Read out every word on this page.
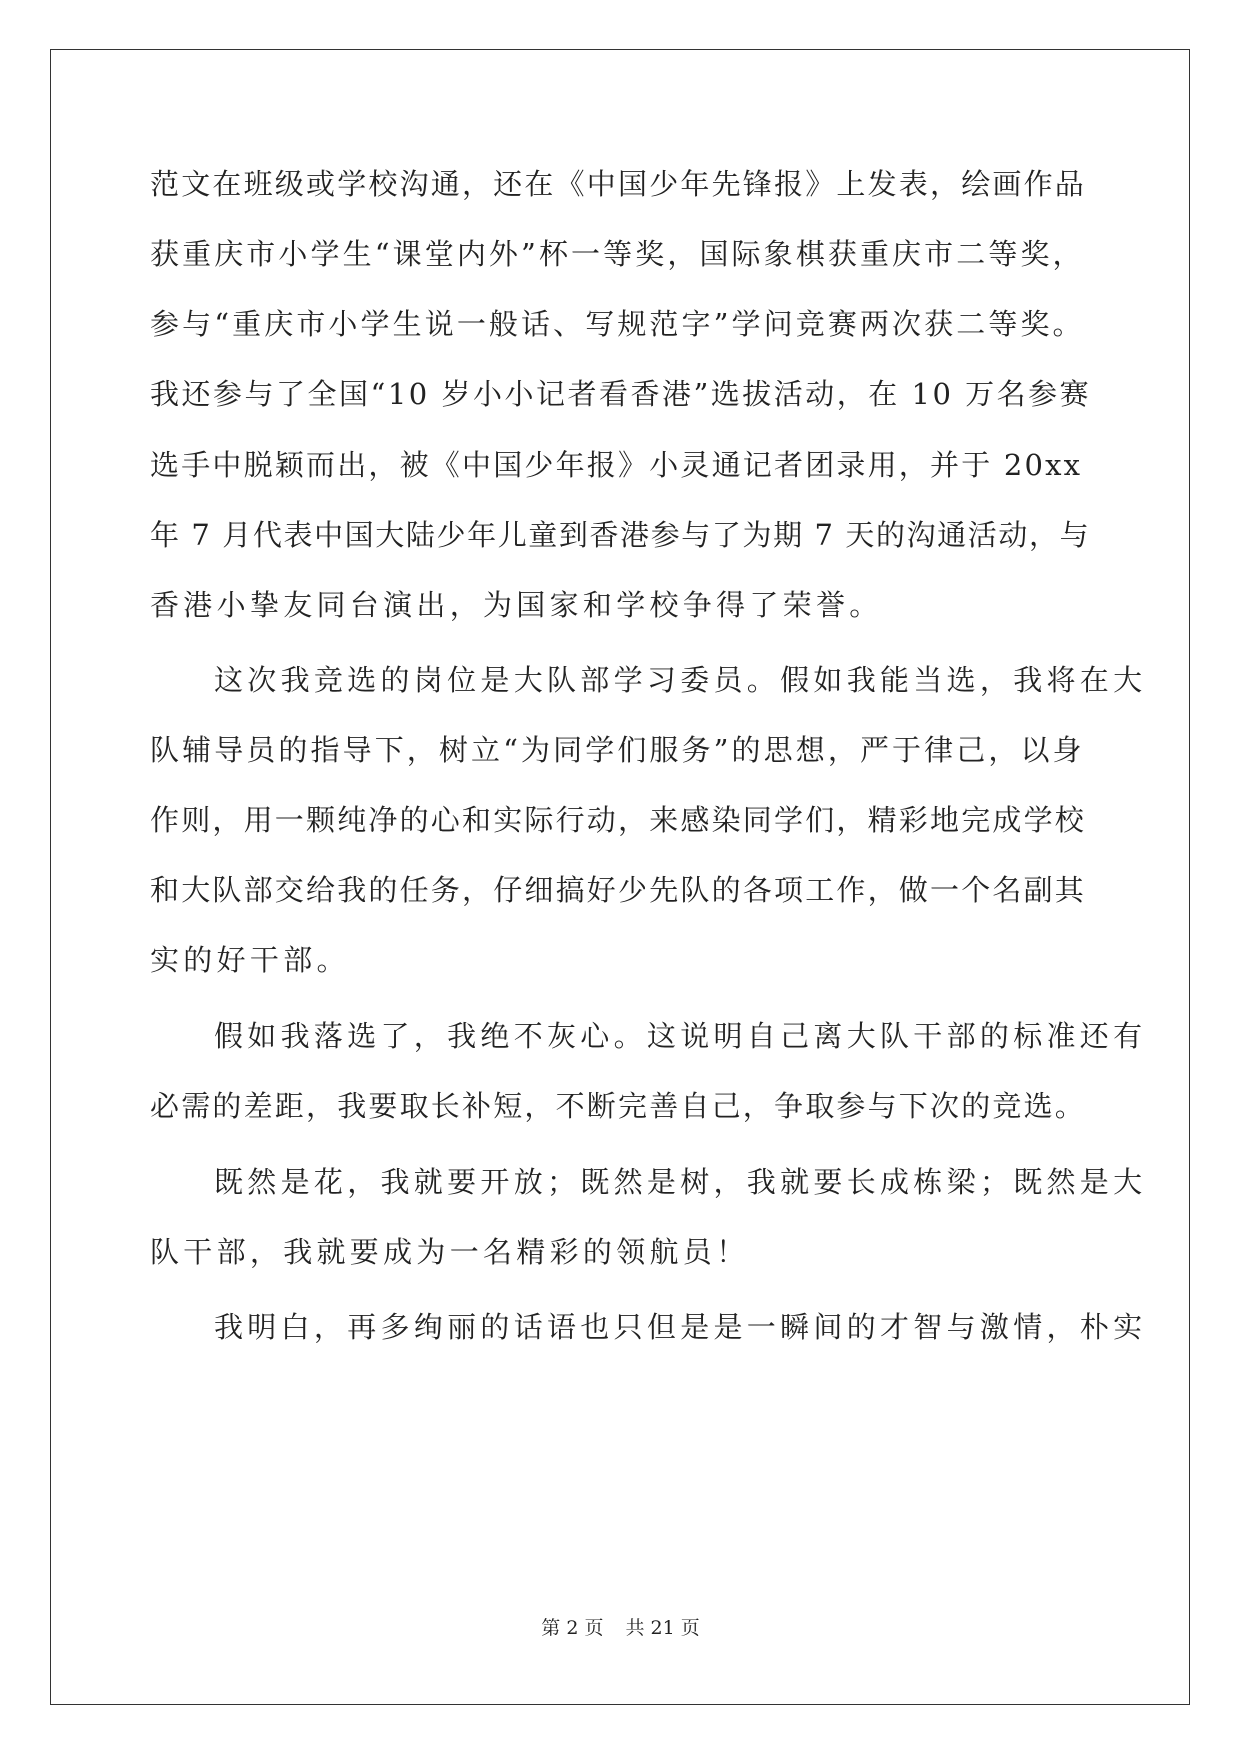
范文在班级或学校沟通，还在《中国少年先锋报》上发表，绘画作品
获重庆市小学生“课堂内外”杯一等奖，国际象棋获重庆市二等奖，
参与“重庆市小学生说一般话、写规范字”学问竞赛两次获二等奖。
我还参与了全国“10 岁小小记者看香港”选拔活动，在 10 万名参赛
选手中脱颖而出，被《中国少年报》小灵通记者团录用，并于 20xx
年 7 月代表中国大陆少年儿童到香港参与了为期 7 天的沟通活动，与
香港小挚友同台演出，为国家和学校争得了荣誉。
这次我竞选的岗位是大队部学习委员。假如我能当选，我将在大
队辅导员的指导下，树立“为同学们服务”的思想，严于律己，以身
作则，用一颗纯净的心和实际行动，来感染同学们，精彩地完成学校
和大队部交给我的任务，仔细搞好少先队的各项工作，做一个名副其
实的好干部。
假如我落选了，我绝不灰心。这说明自己离大队干部的标准还有
必需的差距，我要取长补短，不断完善自己，争取参与下次的竞选。
既然是花，我就要开放；既然是树，我就要长成栋梁；既然是大
队干部，我就要成为一名精彩的领航员！
我明白，再多绚丽的话语也只但是是一瞬间的才智与激情，朴实
第 2 页 共 21 页
